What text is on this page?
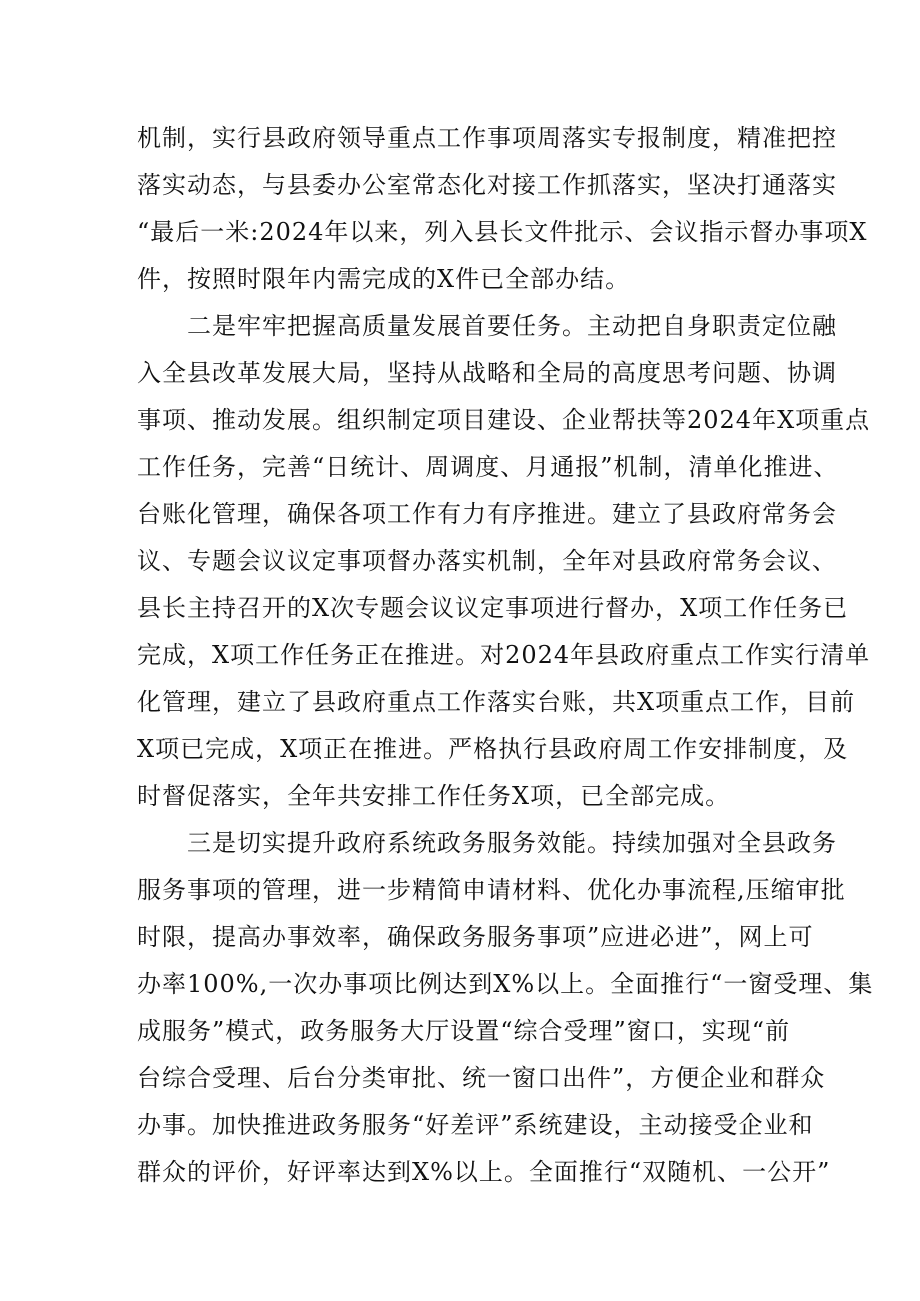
机制，实行县政府领导重点工作事项周落实专报制度，精准把控
落实动态，与县委办公室常态化对接工作抓落实，坚决打通落实
“最后一米:2024年以来，列入县长文件批示、会议指示督办事项X
件，按照时限年内需完成的X件已全部办结。
二是牢牢把握高质量发展首要任务。主动把自身职责定位融
入全县改革发展大局，坚持从战略和全局的高度思考问题、协调
事项、推动发展。组织制定项目建设、企业帮扶等2024年X项重点
工作任务，完善“日统计、周调度、月通报”机制，清单化推进、
台账化管理，确保各项工作有力有序推进。建立了县政府常务会
议、专题会议议定事项督办落实机制，全年对县政府常务会议、
县长主持召开的X次专题会议议定事项进行督办，X项工作任务已
完成，X项工作任务正在推进。对2024年县政府重点工作实行清单
化管理，建立了县政府重点工作落实台账，共X项重点工作，目前
X项已完成，X项正在推进。严格执行县政府周工作安排制度，及
时督促落实，全年共安排工作任务X项，已全部完成。
三是切实提升政府系统政务服务效能。持续加强对全县政务
服务事项的管理，进一步精简申请材料、优化办事流程,压缩审批
时限，提高办事效率，确保政务服务事项”应进必进”，网上可
办率100%,一次办事项比例达到X%以上。全面推行“一窗受理、集
成服务”模式，政务服务大厅设置“综合受理”窗口，实现“前
台综合受理、后台分类审批、统一窗口出件”，方便企业和群众
办事。加快推进政务服务“好差评”系统建设，主动接受企业和
群众的评价，好评率达到X%以上。全面推行“双随机、一公开”
